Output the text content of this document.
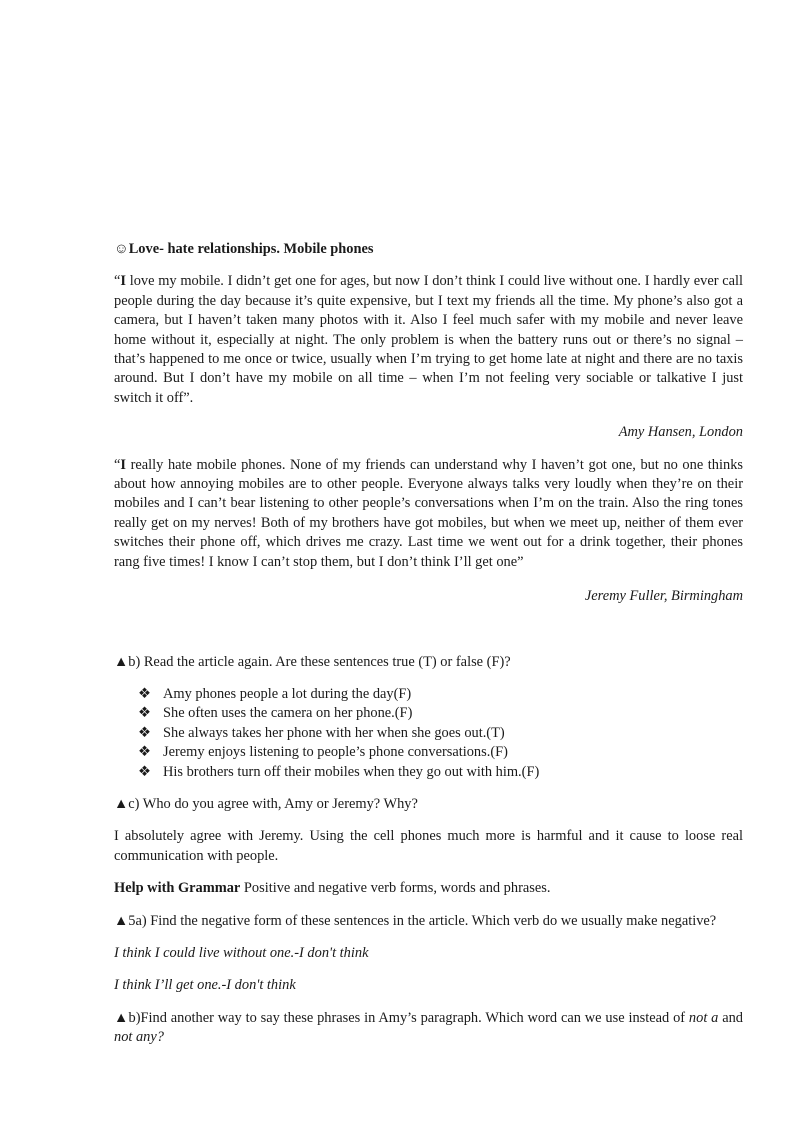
☺Love- hate relationships. Mobile phones

“I love my mobile. I didn’t get one for ages, but now I don’t think I could live without one. I hardly ever call people during the day because it’s quite expensive, but I text my friends all the time. My phone’s also got a camera, but I haven’t taken many photos with it. Also I feel much safer with my mobile and never leave home without it, especially at night. The only problem is when the battery runs out or there’s no signal – that’s happened to me once or twice, usually when I’m trying to get home late at night and there are no taxis around. But I don’t have my mobile on all time – when I’m not feeling very sociable or talkative I just switch it off”.

Amy Hansen, London

“I really hate mobile phones. None of my friends can understand why I haven’t got one, but no one thinks about how annoying mobiles are to other people. Everyone always talks very loudly when they’re on their mobiles and I can’t bear listening to other people’s conversations when I’m on the train. Also the ring tones really get on my nerves! Both of my brothers have got mobiles, but when we meet up, neither of them ever switches their phone off, which drives me crazy. Last time we went out for a drink together, their phones rang five times! I know I can’t stop them, but I don’t think I’ll get one”

Jeremy Fuller, Birmingham

▲b) Read the article again. Are these sentences true (T) or false (F)?

❖ Amy phones people a lot during the day(F)
❖ She often uses the camera on her phone.(F)
❖ She always takes her phone with her when she goes out.(T)
❖ Jeremy enjoys listening to people’s phone conversations.(F)
❖ His brothers turn off their mobiles when they go out with him.(F)

▲c) Who do you agree with, Amy or Jeremy? Why?

I absolutely agree with Jeremy. Using the cell phones much more is harmful and it cause to loose real communication with people.

Help with Grammar Positive and negative verb forms, words and phrases.

▲5a) Find the negative form of these sentences in the article. Which verb do we usually make negative?

I think I could live without one.-I don't think

I think I’ll get one.-I don't think

▲b)Find another way to say these phrases in Amy’s paragraph. Which word can we use instead of not a and not any?
